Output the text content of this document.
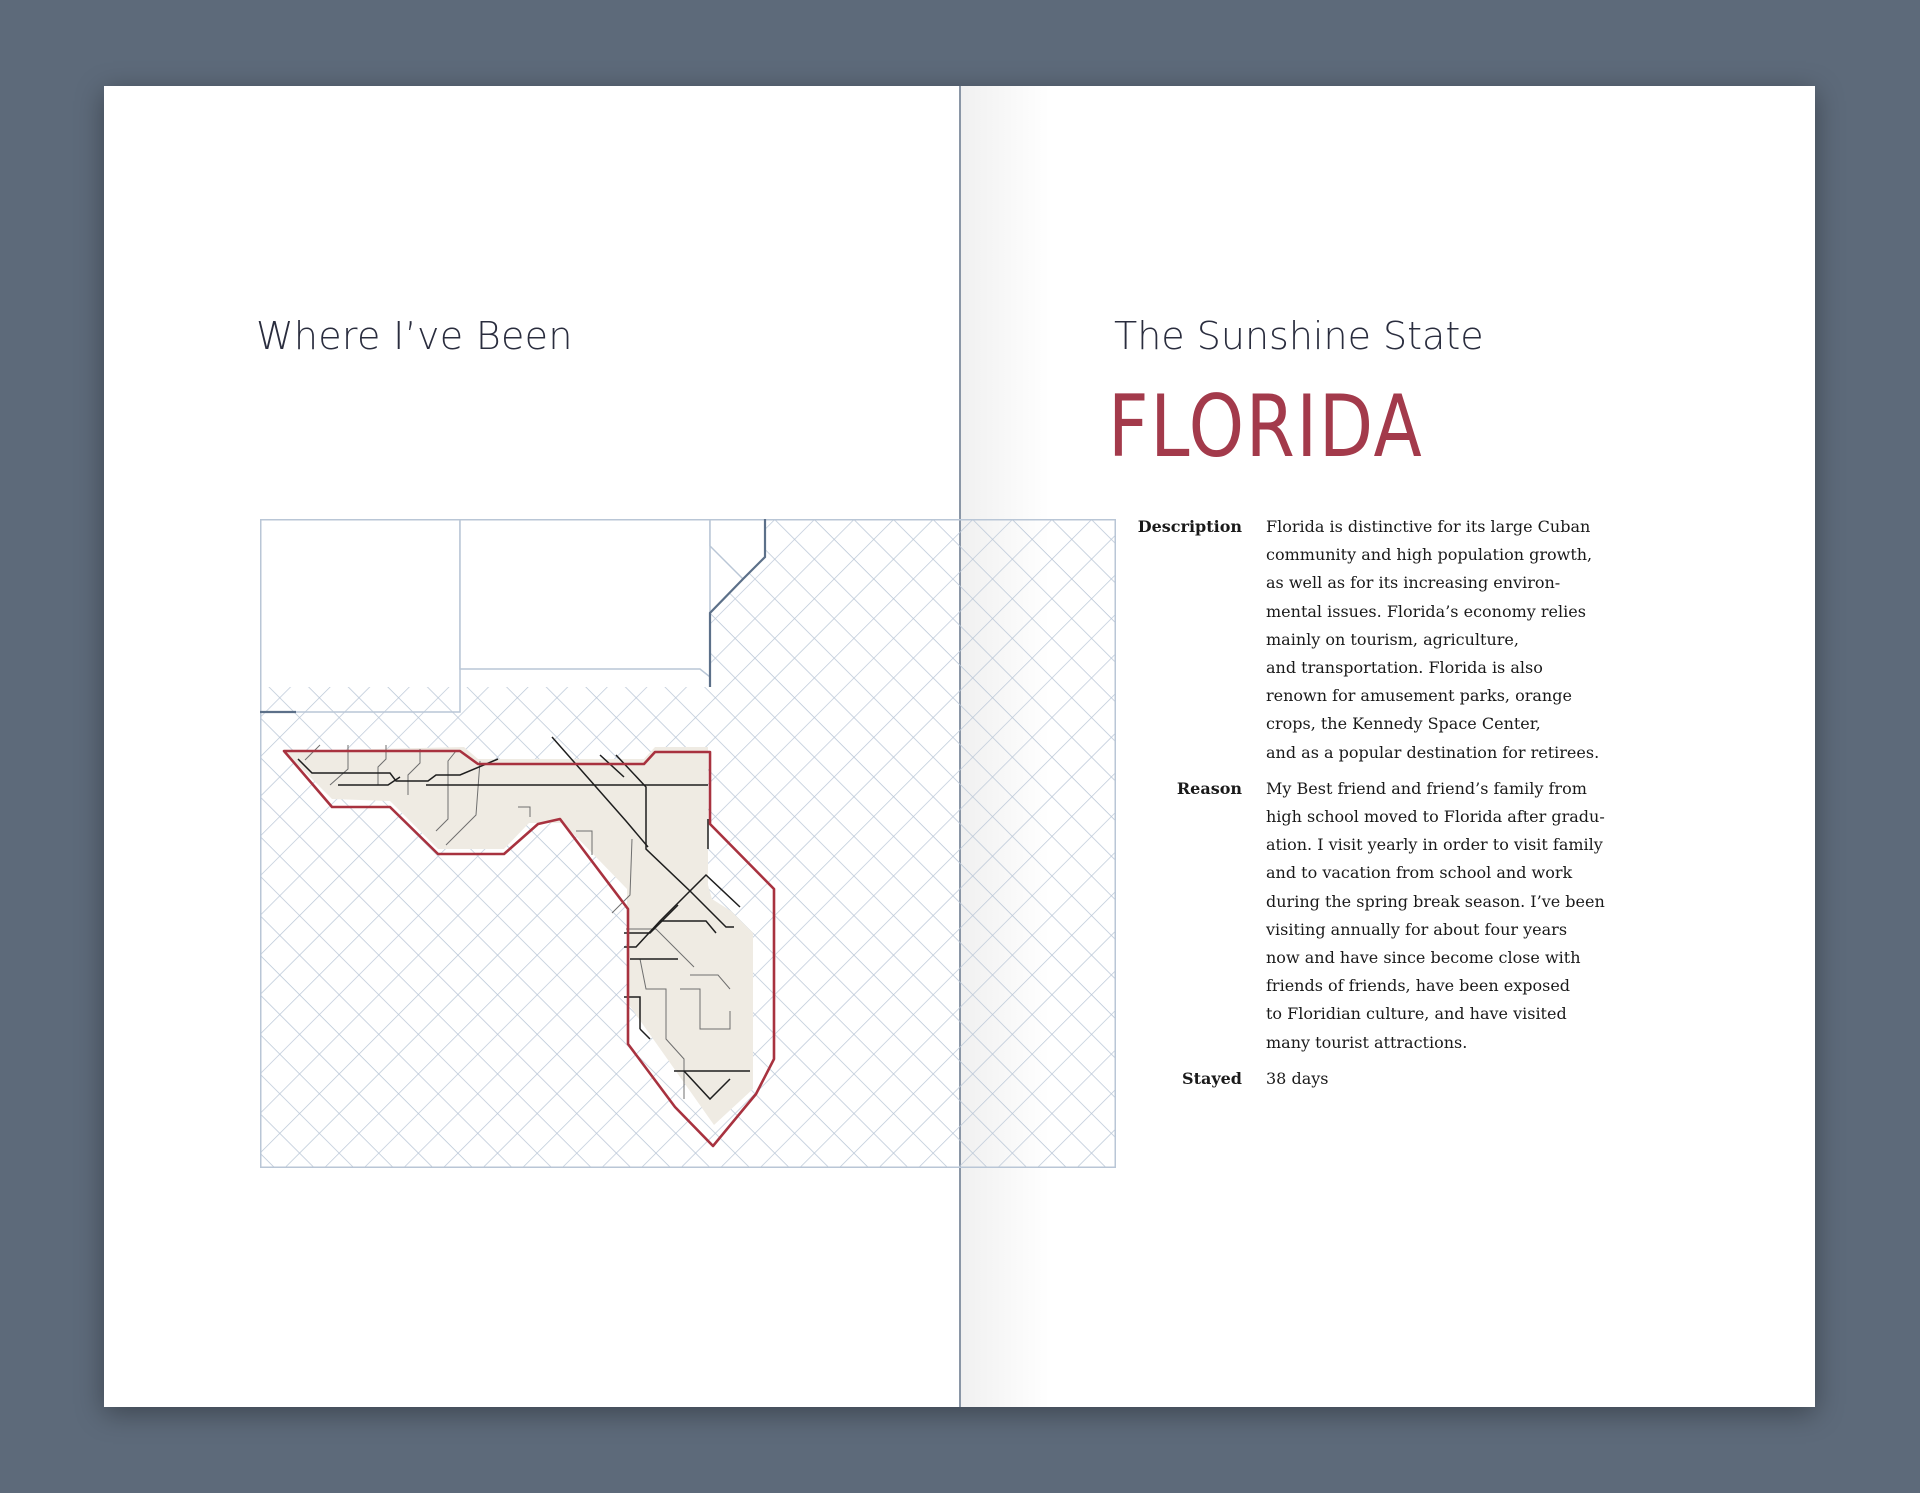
Where I’ve Been	The Sunshine State
FLORIDA
Description	Florida is distinctive for its large Cuban
community and high population growth,
as well as for its increasing environ-
mental issues. Florida’s economy relies
mainly on tourism, agriculture,
and transportation. Florida is also
renown for amusement parks, orange
crops, the Kennedy Space Center,
and as a popular destination for retirees.
Reason	My Best friend and friend’s family from
high school moved to Florida after gradu-
ation. I visit yearly in order to visit family
and to vacation from school and work
during the spring break season. I’ve been
visiting annually for about four years
now and have since become close with
friends of friends, have been exposed
to Floridian culture, and have visited
many tourist attractions.
Stayed	38 days
